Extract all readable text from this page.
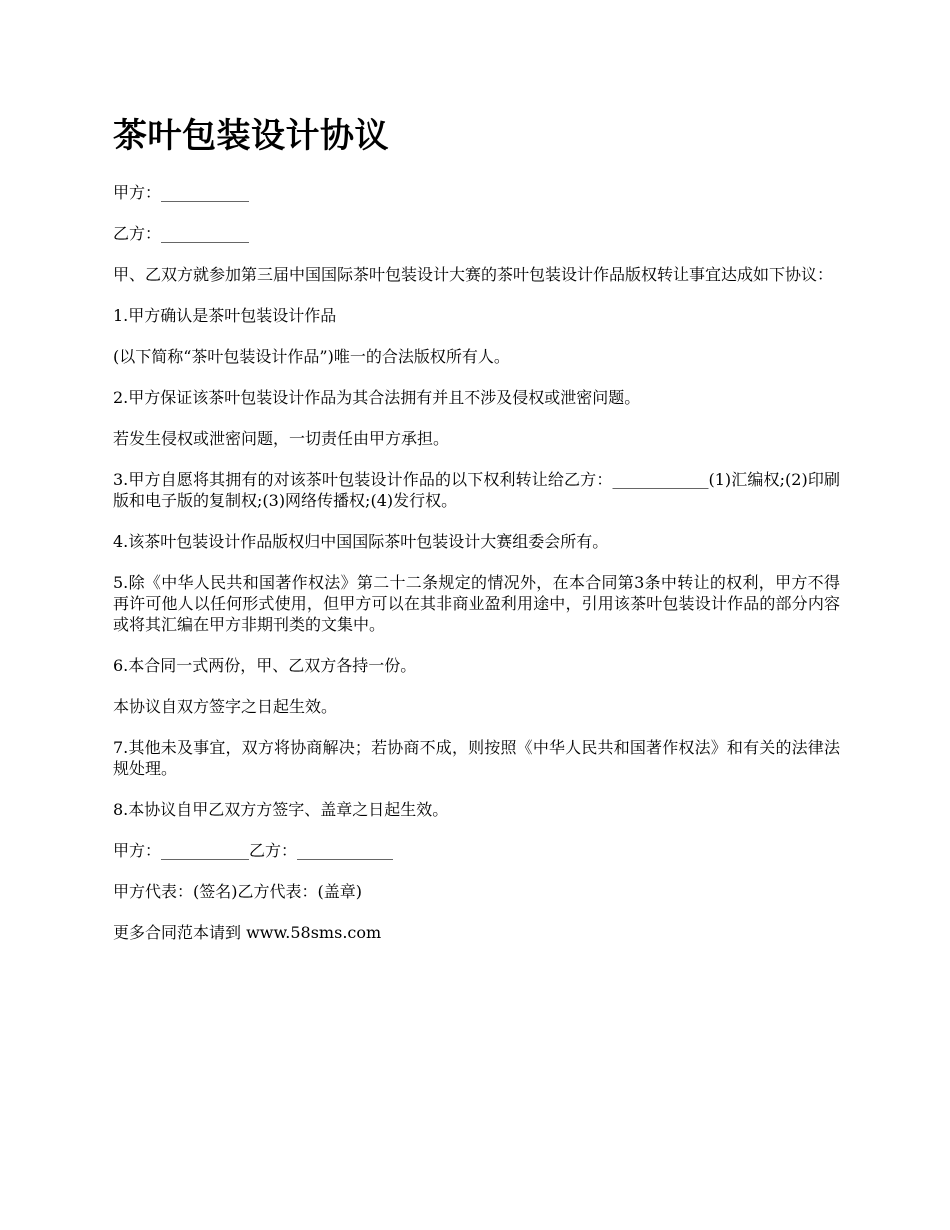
茶叶包装设计协议

甲方：___________

乙方：___________

甲、乙双方就参加第三届中国国际茶叶包装设计大赛的茶叶包装设计作品版权转让事宜达成如下协议：

1.甲方确认是茶叶包装设计作品

(以下简称“茶叶包装设计作品”)唯一的合法版权所有人。

2.甲方保证该茶叶包装设计作品为其合法拥有并且不涉及侵权或泄密问题。

若发生侵权或泄密问题，一切责任由甲方承担。

3.甲方自愿将其拥有的对该茶叶包装设计作品的以下权利转让给乙方：____________(1)汇编权;(2)印刷版和电子版的复制权;(3)网络传播权;(4)发行权。

4.该茶叶包装设计作品版权归中国国际茶叶包装设计大赛组委会所有。

5.除《中华人民共和国著作权法》第二十二条规定的情况外，在本合同第3条中转让的权利，甲方不得再许可他人以任何形式使用，但甲方可以在其非商业盈利用途中，引用该茶叶包装设计作品的部分内容或将其汇编在甲方非期刊类的文集中。

6.本合同一式两份，甲、乙双方各持一份。

本协议自双方签字之日起生效。

7.其他未及事宜，双方将协商解决；若协商不成，则按照《中华人民共和国著作权法》和有关的法律法规处理。

8.本协议自甲乙双方方签字、盖章之日起生效。

甲方：___________乙方：____________

甲方代表：(签名)乙方代表：(盖章)

更多合同范本请到 www.58sms.com
